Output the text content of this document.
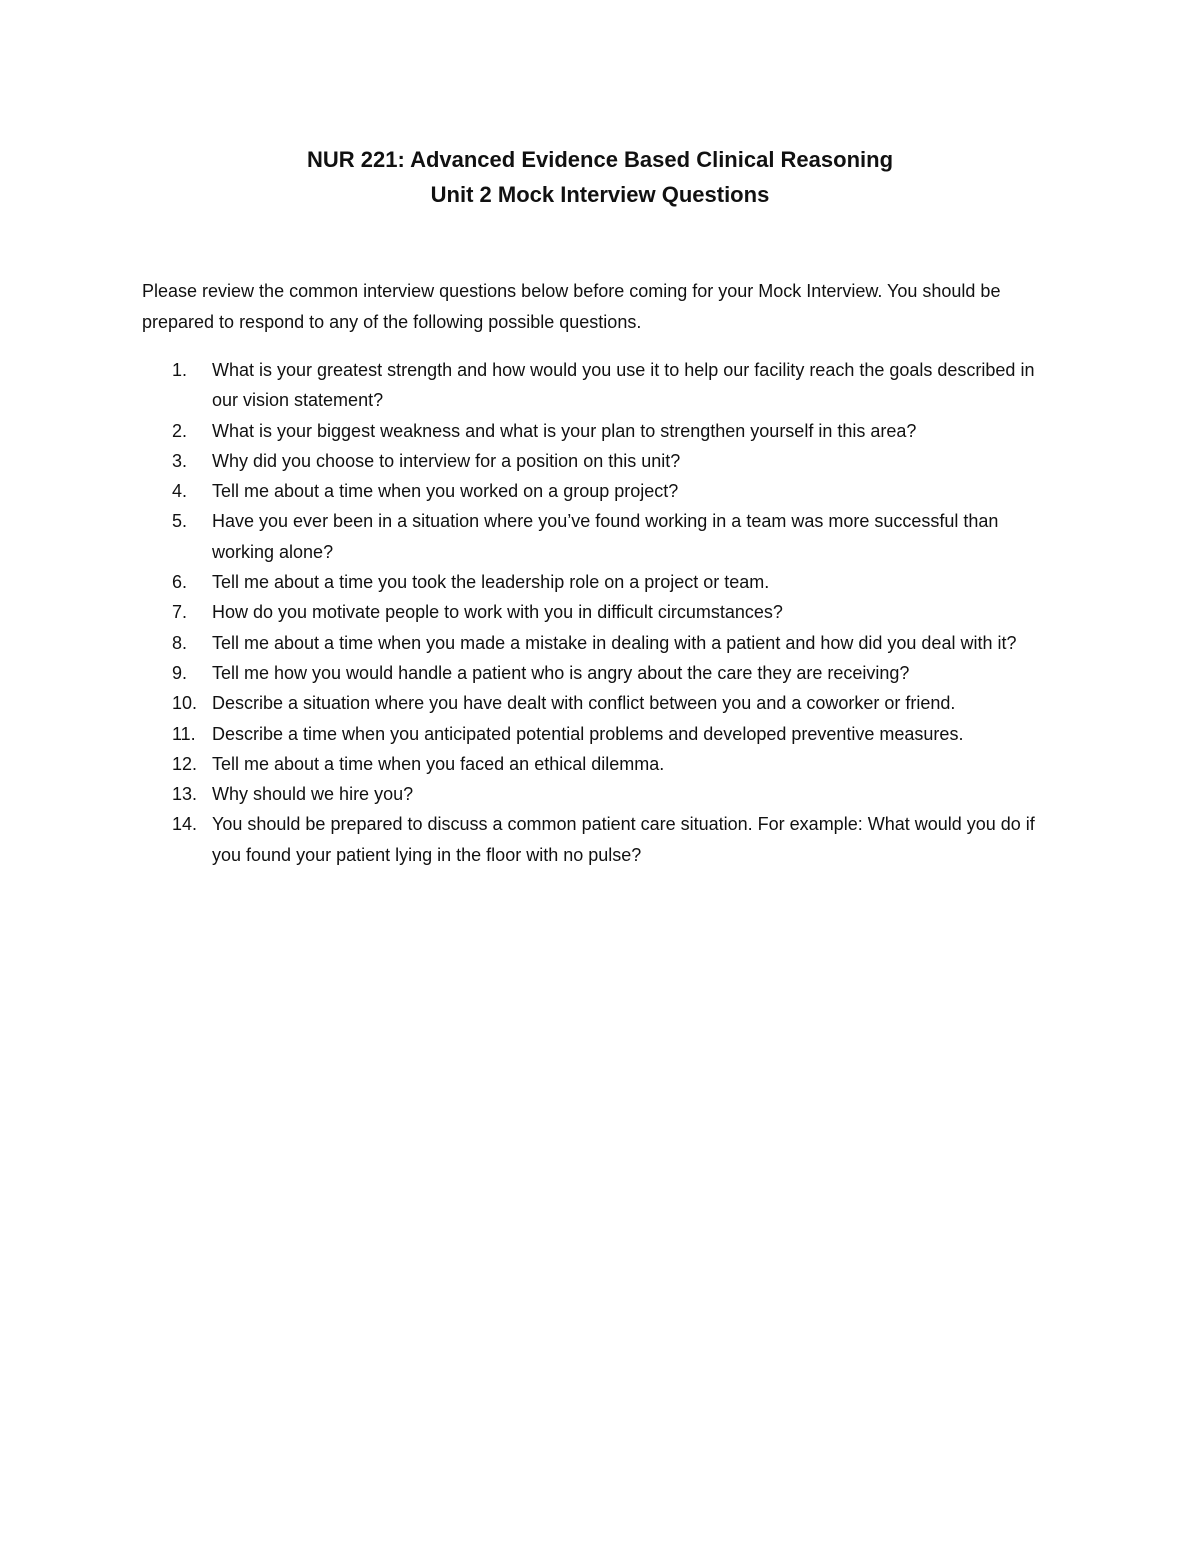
NUR 221: Advanced Evidence Based Clinical Reasoning
Unit 2 Mock Interview Questions
Please review the common interview questions below before coming for your Mock Interview. You should be prepared to respond to any of the following possible questions.
1.	What is your greatest strength and how would you use it to help our facility reach the goals described in our vision statement?
2.	What is your biggest weakness and what is your plan to strengthen yourself in this area?
3.	Why did you choose to interview for a position on this unit?
4.	Tell me about a time when you worked on a group project?
5.	Have you ever been in a situation where you’ve found working in a team was more successful than working alone?
6.	Tell me about a time you took the leadership role on a project or team.
7.	How do you motivate people to work with you in difficult circumstances?
8.	Tell me about a time when you made a mistake in dealing with a patient and how did you deal with it?
9.	Tell me how you would handle a patient who is angry about the care they are receiving?
10. Describe a situation where you have dealt with conflict between you and a coworker or friend.
11. Describe a time when you anticipated potential problems and developed preventive measures.
12. Tell me about a time when you faced an ethical dilemma.
13. Why should we hire you?
14. You should be prepared to discuss a common patient care situation. For example: What would you do if you found your patient lying in the floor with no pulse?
